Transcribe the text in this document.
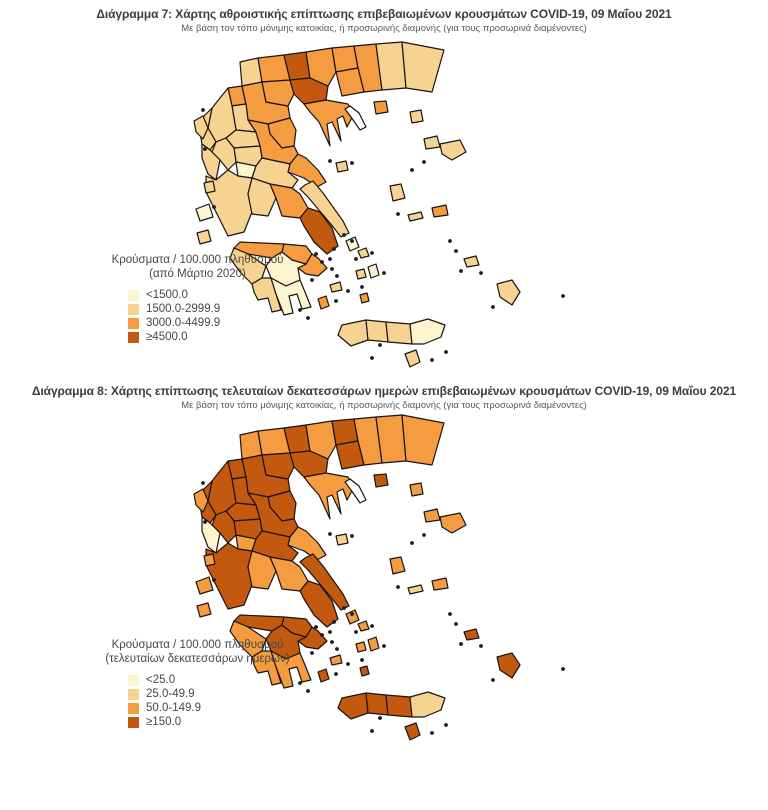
Διάγραμμα 7: Χάρτης αθροιστικής επίπτωσης επιβεβαιωμένων κρουσμάτων COVID-19, 09 Μαΐου 2021
Με βάση τον τόπο μόνιμης κατοικίας, ή προσωρινής διαμονής (για τους προσωρινά διαμένοντες)
Κρούσματα / 100.000 πληθυσμού
(από Μάρτιο 2020)
<1500.0
1500.0-2999.9
3000.0-4499.9
≥4500.0
Διάγραμμα 8: Χάρτης επίπτωσης τελευταίων δεκατεσσάρων ημερών επιβεβαιωμένων κρουσμάτων COVID-19, 09 Μαΐου 2021
Με βάση τον τόπο μόνιμης κατοικίας, ή προσωρινής διαμονής (για τους προσωρινά διαμένοντες)
Κρούσματα / 100.000 πληθυσμού
(τελευταίων δεκατεσσάρων ημερών)
<25.0
25.0-49.9
50.0-149.9
≥150.0
